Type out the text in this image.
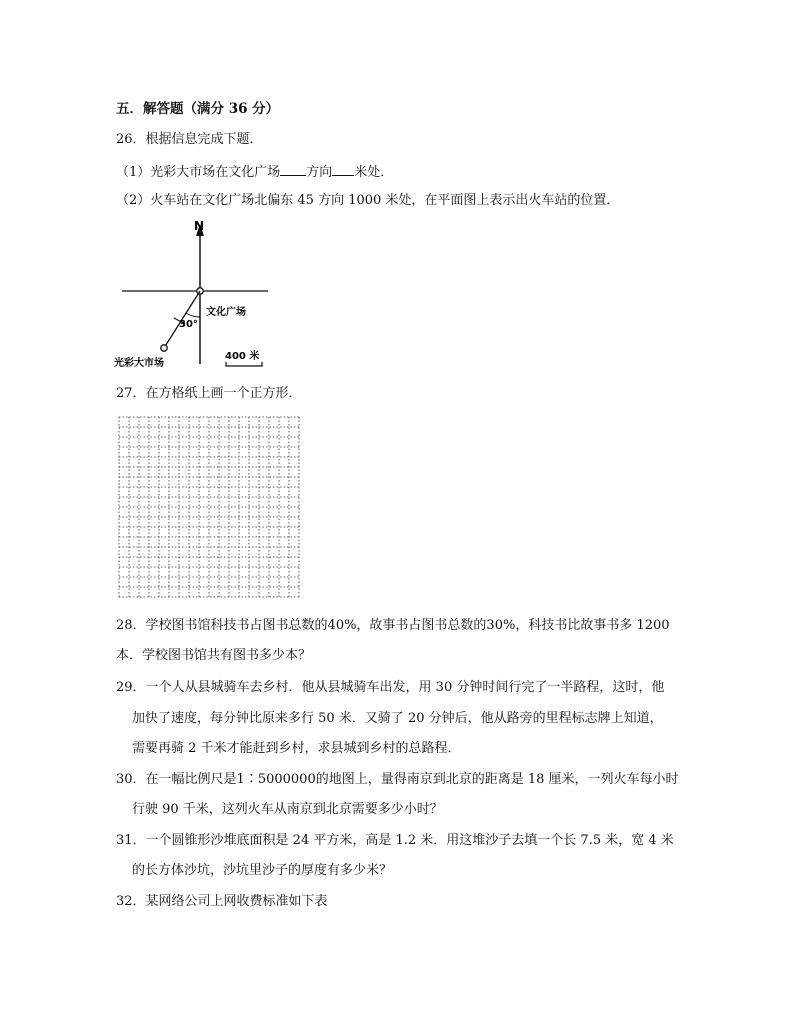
五．解答题（满分 36 分）
26．根据信息完成下题．
（1）光彩大市场在文化广场 方向 米处．
（2）火车站在文化广场北偏东 45 方向 1000 米处，在平面图上表示出火车站的位置．
N
文化广场
30°
光彩大市场
400 米
27．在方格纸上画一个正方形．
28．学校图书馆科技书占图书总数的40%，故事书占图书总数的30%，科技书比故事书多 1200
本．学校图书馆共有图书多少本？
29．一个人从县城骑车去乡村．他从县城骑车出发，用 30 分钟时间行完了一半路程，这时，他
加快了速度，每分钟比原来多行 50 米．又骑了 20 分钟后，他从路旁的里程标志牌上知道，
需要再骑 2 千米才能赶到乡村，求县城到乡村的总路程．
30．在一幅比例尺是1∶5000000的地图上，量得南京到北京的距离是 18 厘米，一列火车每小时
行驶 90 千米，这列火车从南京到北京需要多少小时？
31．一个圆锥形沙堆底面积是 24 平方米，高是 1.2 米．用这堆沙子去填一个长 7.5 米，宽 4 米
的长方体沙坑，沙坑里沙子的厚度有多少米？
32．某网络公司上网收费标准如下表
